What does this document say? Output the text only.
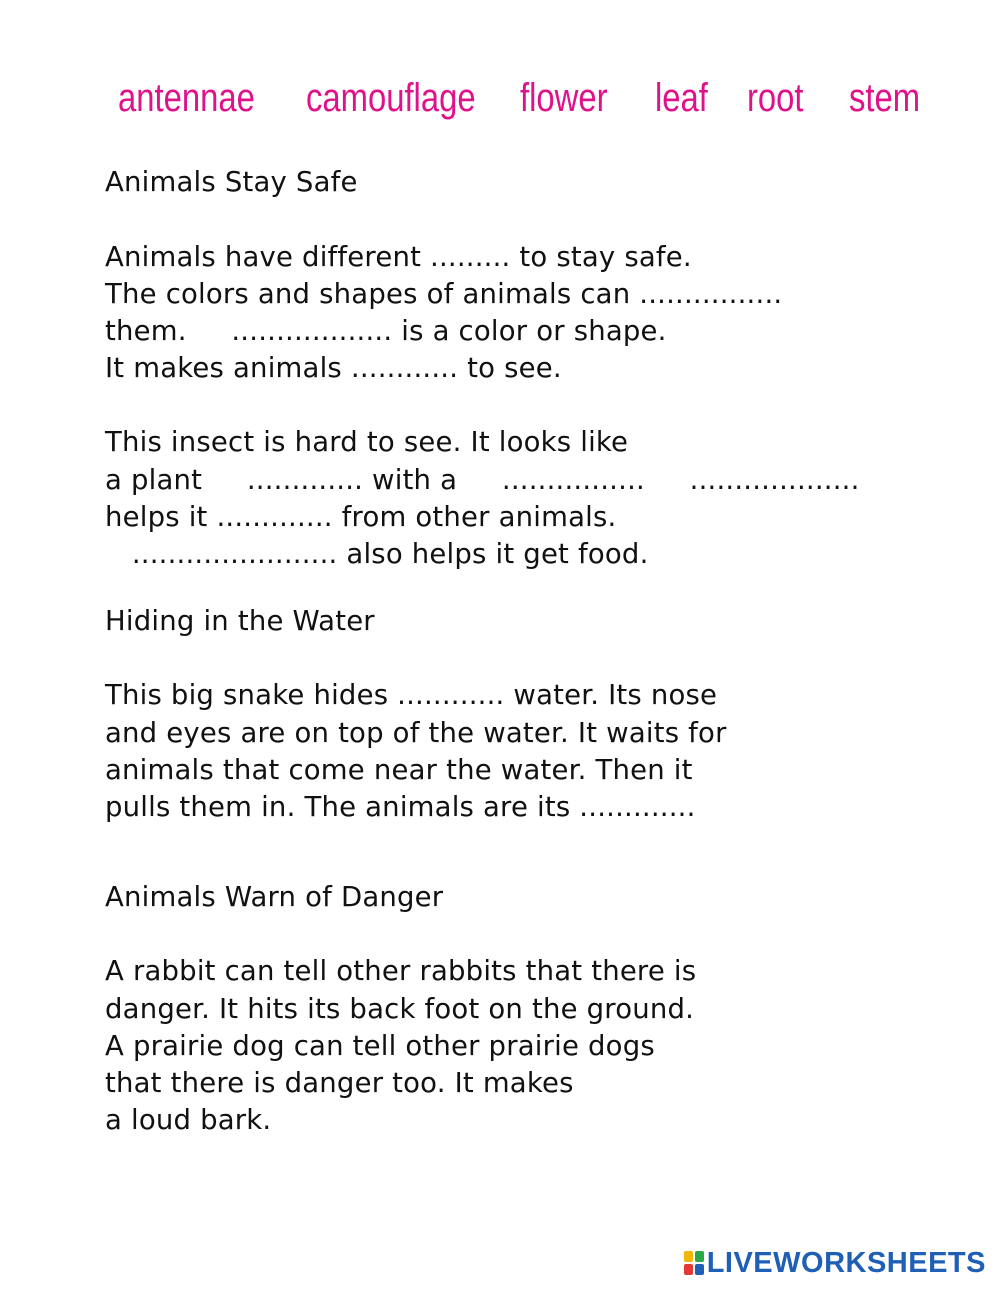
antennae camouflage flower leaf root stem
Animals Stay Safe
Animals have different ......... to stay safe.
The colors and shapes of animals can ................
them.     .................. is a color or shape.
It makes animals ............ to see.
This insect is hard to see. It looks like
a plant     ............. with a     ................     ...................
helps it ............. from other animals.
....................... also helps it get food.
Hiding in the Water
This big snake hides ............ water. Its nose
and eyes are on top of the water. It waits for
animals that come near the water. Then it
pulls them in. The animals are its .............
Animals Warn of Danger
A rabbit can tell other rabbits that there is
danger. It hits its back foot on the ground.
A prairie dog can tell other prairie dogs
that there is danger too. It makes
a loud bark.
LIVEWORKSHEETS
